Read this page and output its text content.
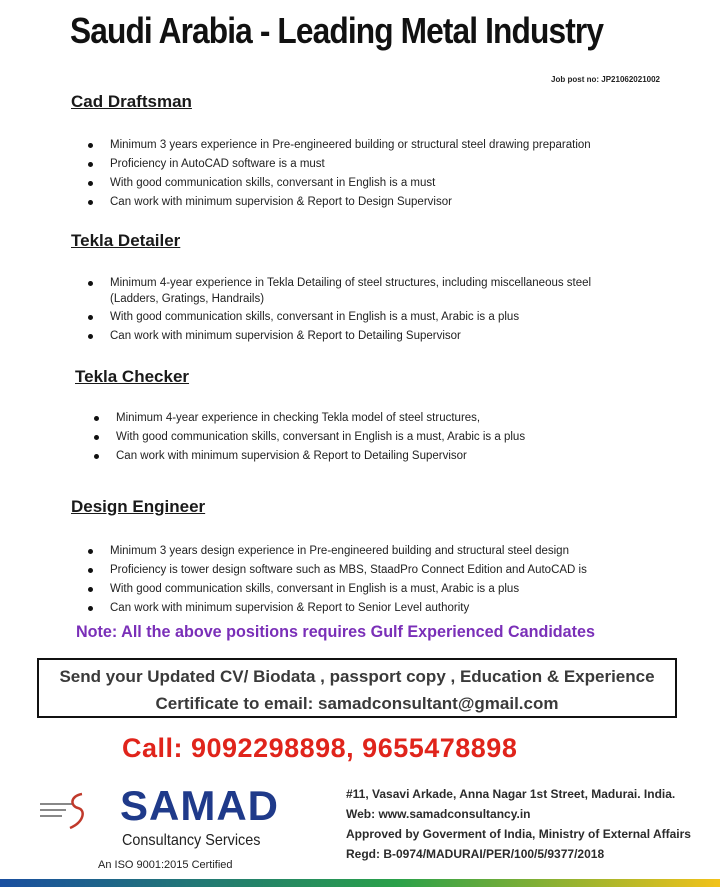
Saudi Arabia - Leading Metal Industry
Job post no: JP21062021002
Cad Draftsman
Minimum 3 years experience in Pre-engineered building or structural steel drawing preparation
Proficiency in AutoCAD software is a must
With good communication skills, conversant in English is a must
Can work with minimum supervision & Report to Design Supervisor
Tekla Detailer
Minimum 4-year experience in Tekla Detailing of steel structures, including miscellaneous steel
(Ladders, Gratings, Handrails)
With good communication skills, conversant in English is a must, Arabic is a plus
Can work with minimum supervision & Report to Detailing Supervisor
Tekla Checker
Minimum 4-year experience in checking Tekla model of steel structures,
With good communication skills, conversant in English is a must, Arabic is a plus
Can work with minimum supervision & Report to Detailing Supervisor
Design Engineer
Minimum 3 years design experience in Pre-engineered building and structural steel design
Proficiency is tower design software such as MBS, StaadPro Connect Edition and AutoCAD is
With good communication skills, conversant in English is a must, Arabic is a plus
Can work with minimum supervision & Report to Senior Level authority
Note: All the above positions requires Gulf Experienced Candidates
Send your Updated CV/ Biodata , passport copy , Education & Experience
Certificate to email: samadconsultant@gmail.com
Call: 9092298898, 9655478898
SAMAD
Consultancy Services
An ISO 9001:2015 Certified
#11, Vasavi Arkade, Anna Nagar 1st Street, Madurai. India.
Web: www.samadconsultancy.in
Approved by Goverment of India, Ministry of External Affairs
Regd: B-0974/MADURAI/PER/100/5/9377/2018
